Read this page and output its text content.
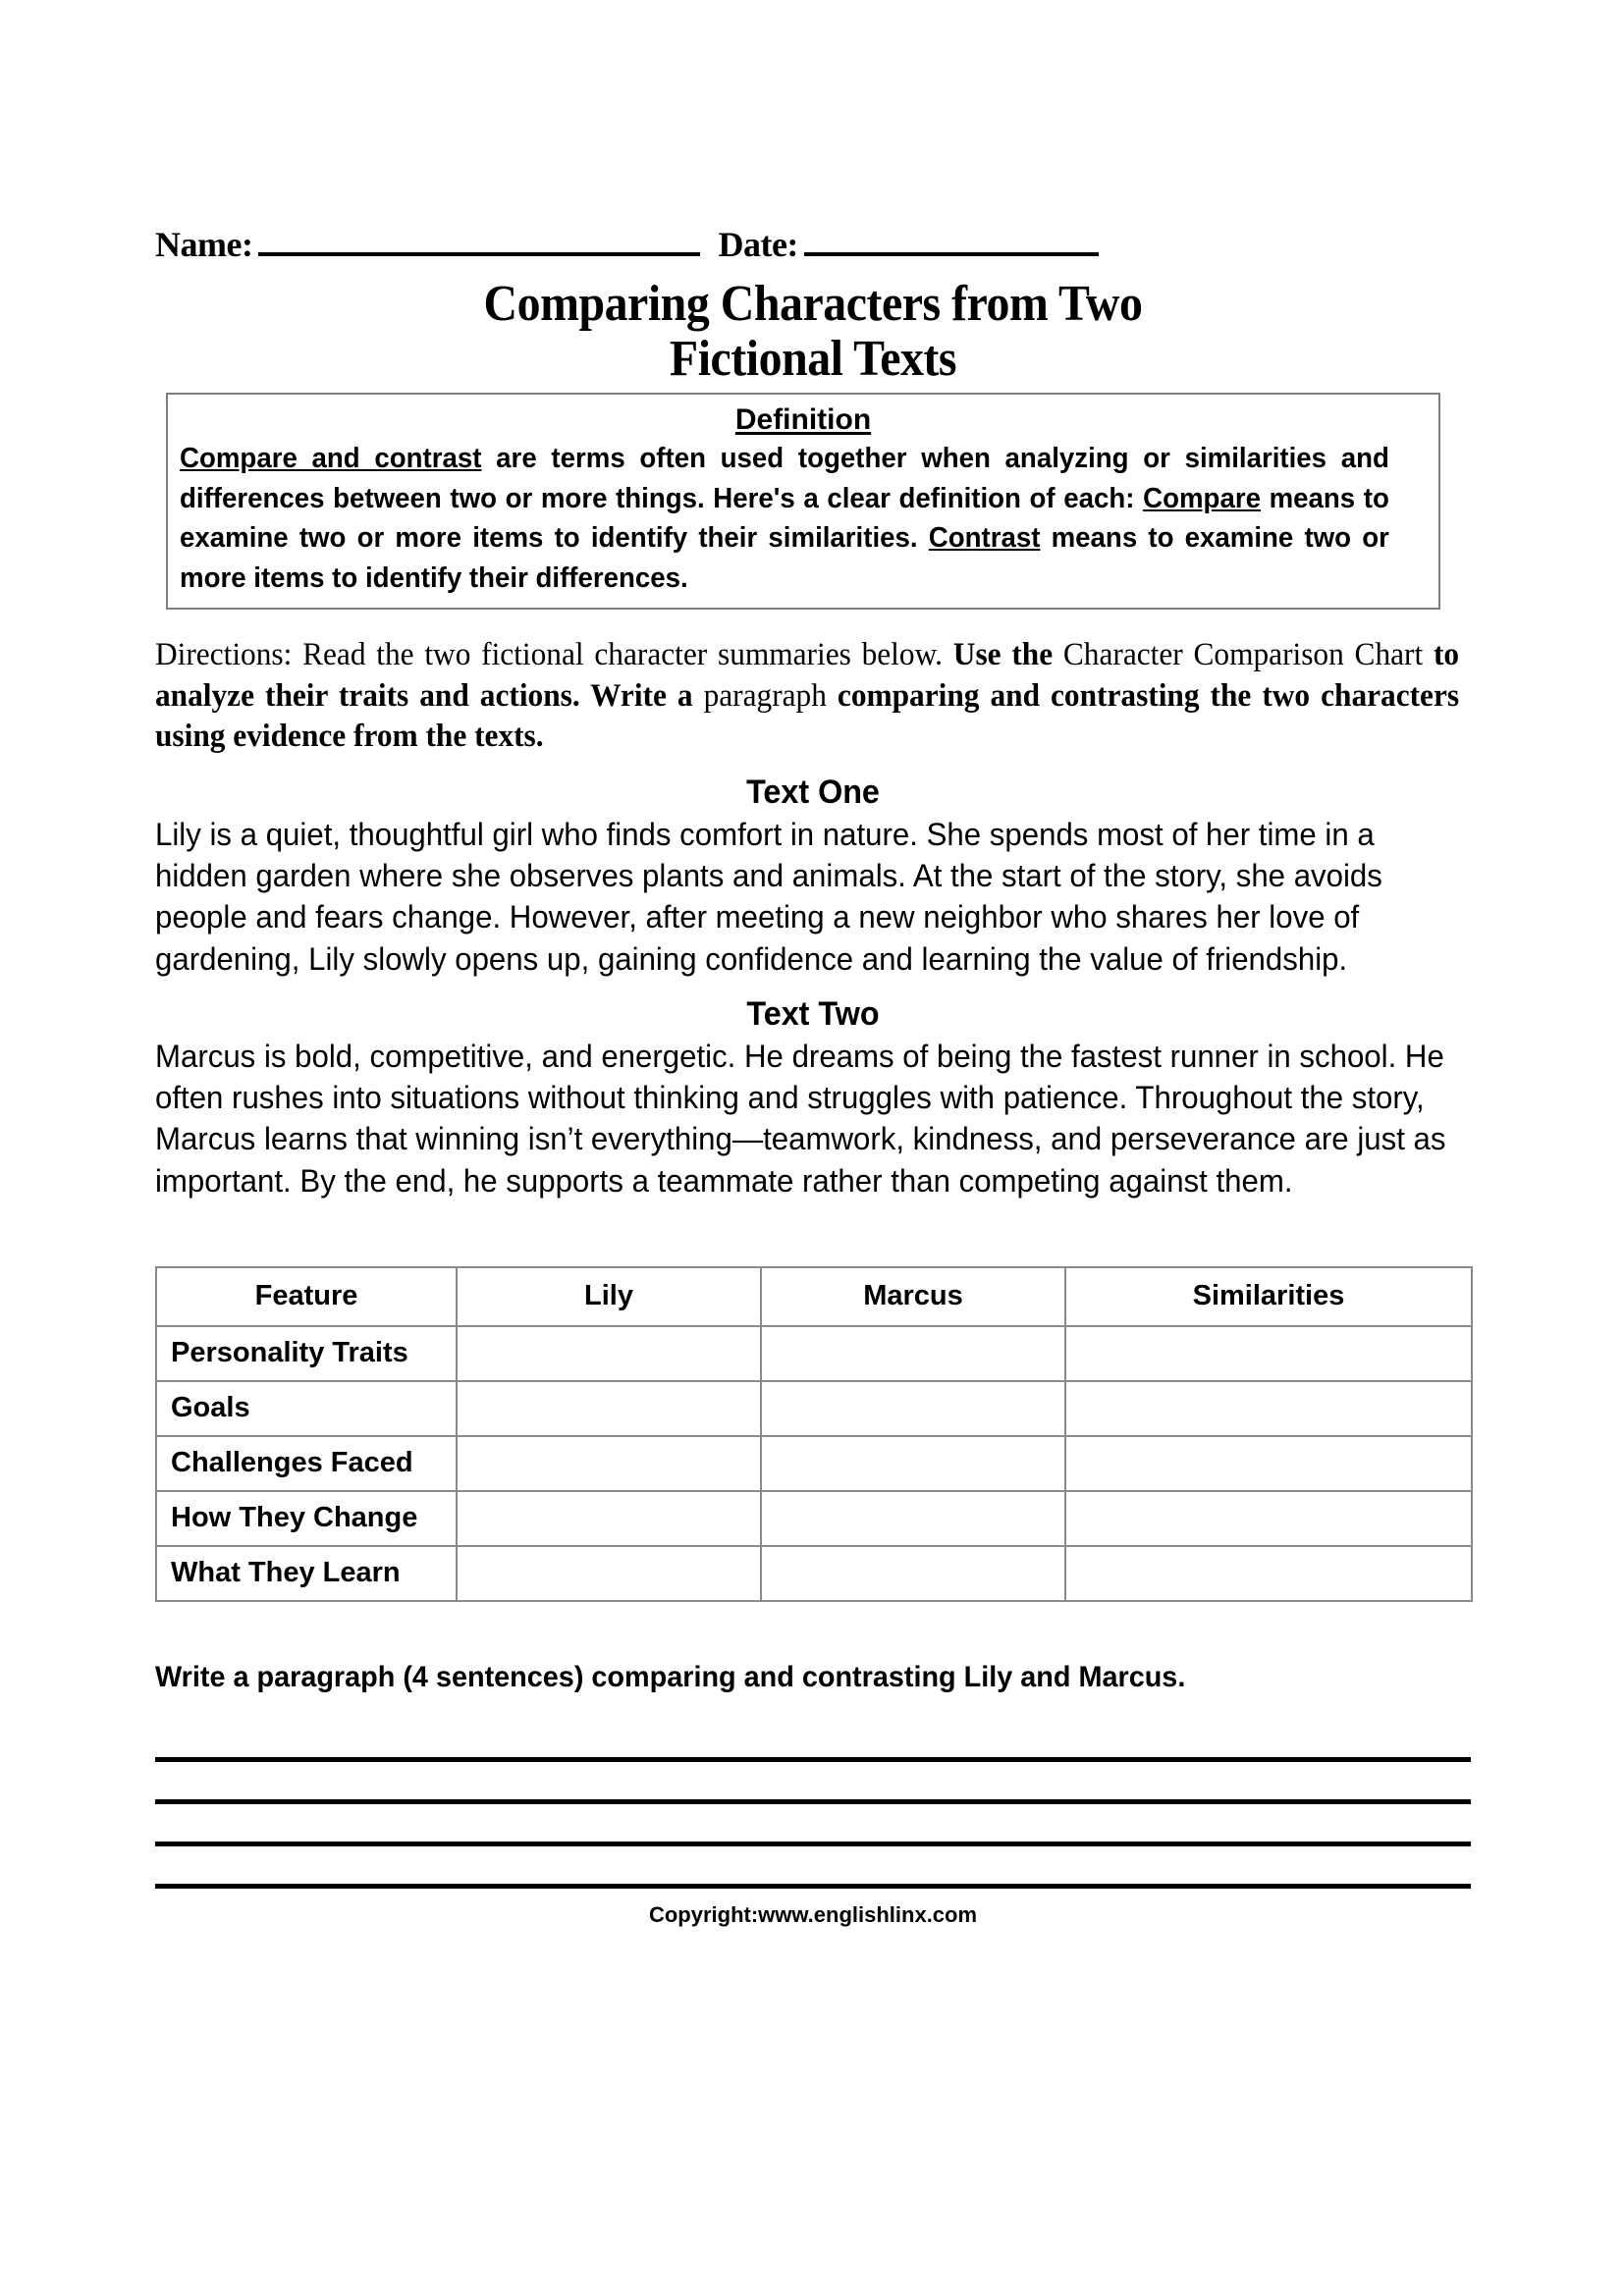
Name:	Date:
Comparing Characters from Two
Fictional Texts
Definition
Compare and contrast are terms often used together when analyzing or similarities and differences between two or more things. Here's a clear definition of each: Compare means to examine two or more items to identify their similarities. Contrast means to examine two or more items to identify their differences.
Directions: Read the two fictional character summaries below. Use the Character Comparison Chart to analyze their traits and actions. Write a paragraph comparing and contrasting the two characters using evidence from the texts.
Text One
Lily is a quiet, thoughtful girl who finds comfort in nature. She spends most of her time in a hidden garden where she observes plants and animals. At the start of the story, she avoids people and fears change. However, after meeting a new neighbor who shares her love of gardening, Lily slowly opens up, gaining confidence and learning the value of friendship.
Text Two
Marcus is bold, competitive, and energetic. He dreams of being the fastest runner in school. He often rushes into situations without thinking and struggles with patience. Throughout the story, Marcus learns that winning isn’t everything—teamwork, kindness, and perseverance are just as important. By the end, he supports a teammate rather than competing against them.
Feature	Lily	Marcus	Similarities
Personality Traits			
Goals			
Challenges Faced			
How They Change			
What They Learn			
Write a paragraph (4 sentences) comparing and contrasting Lily and Marcus.
Copyright:www.englishlinx.com
